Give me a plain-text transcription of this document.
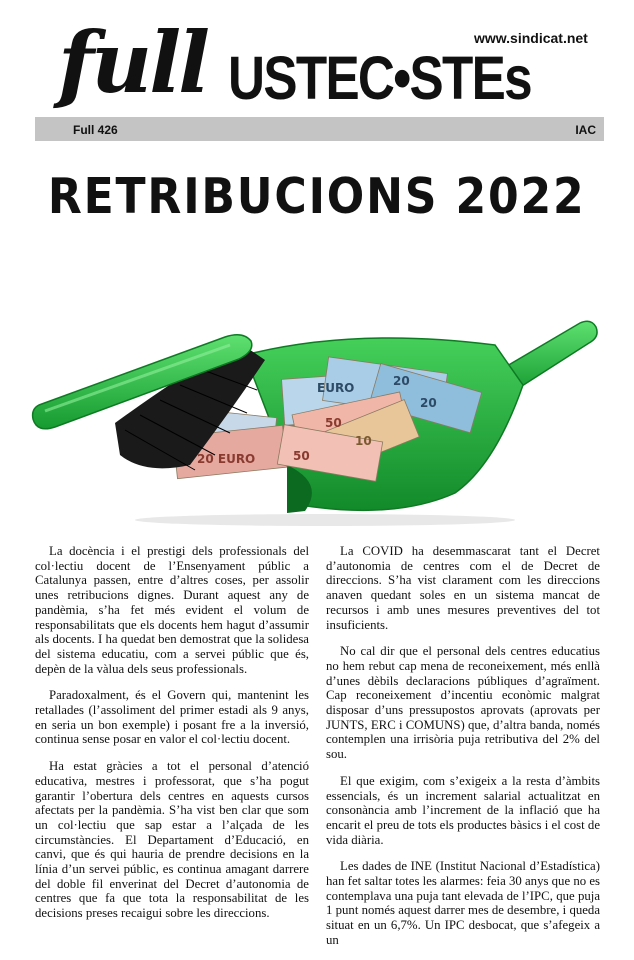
full USTEC•STEs
www.sindicat.net
Full 426	IAC
RETRIBUCIONS 2022
EURO	20
20
50
10
20 EURO	50

La docència i el prestigi dels professionals del col·lectiu docent de l’Ensenyament públic a Catalunya passen, entre d’altres coses, per assolir unes retribucions dignes. Durant aquest any de pandèmia, s’ha fet més evident el volum de responsabilitats que els docents hem hagut d’assumir als docents. I ha quedat ben demostrat que la solidesa del sistema educatiu, com a servei públic que és, depèn de la vàlua dels seus professionals.

Paradoxalment, és el Govern qui, mantenint les retallades (l’assoliment del primer estadi als 9 anys, en seria un bon exemple) i posant fre a la inversió, continua sense posar en valor el col·lectiu docent.

Ha estat gràcies a tot el personal d’atenció educativa, mestres i professorat, que s’ha pogut garantir l’obertura dels centres en aquests cursos afectats per la pandèmia. S’ha vist ben clar que som un col·lectiu que sap estar a l’alçada de les circumstàncies. El Departament d’Educació, en canvi, que és qui hauria de prendre decisions en la línia d’un servei públic, es continua amagant darrere del doble fil enverinat del Decret d’autonomia de centres que fa que tota la responsabilitat de les decisions preses recaigui sobre les direccions.

La COVID ha desemmascarat tant el Decret d’autonomia de centres com el de Decret de direccions. S’ha vist clarament com les direccions anaven quedant soles en un sistema mancat de recursos i amb unes mesures preventives del tot insuficients.

No cal dir que el personal dels centres educatius no hem rebut cap mena de reconeixement, més enllà d’unes dèbils declaracions públiques d’agraïment. Cap reconeixement d’incentiu econòmic malgrat disposar d’uns pressupostos aprovats (aprovats per JUNTS, ERC i COMUNS) que, d’altra banda, només contemplen una irrisòria puja retributiva del 2% del sou.

El que exigim, com s’exigeix a la resta d’àmbits essencials, és un increment salarial actualitzat en consonància amb l’increment de la inflació que ha encarit el preu de tots els productes bàsics i el cost de vida diària.

Les dades de INE (Institut Nacional d’Estadística) han fet saltar totes les alarmes: feia 30 anys que no es contemplava una puja tant elevada de l’IPC, que puja 1 punt només aquest darrer mes de desembre, i queda situat en un 6,7%. Un IPC desbocat, que s’afegeix a un
